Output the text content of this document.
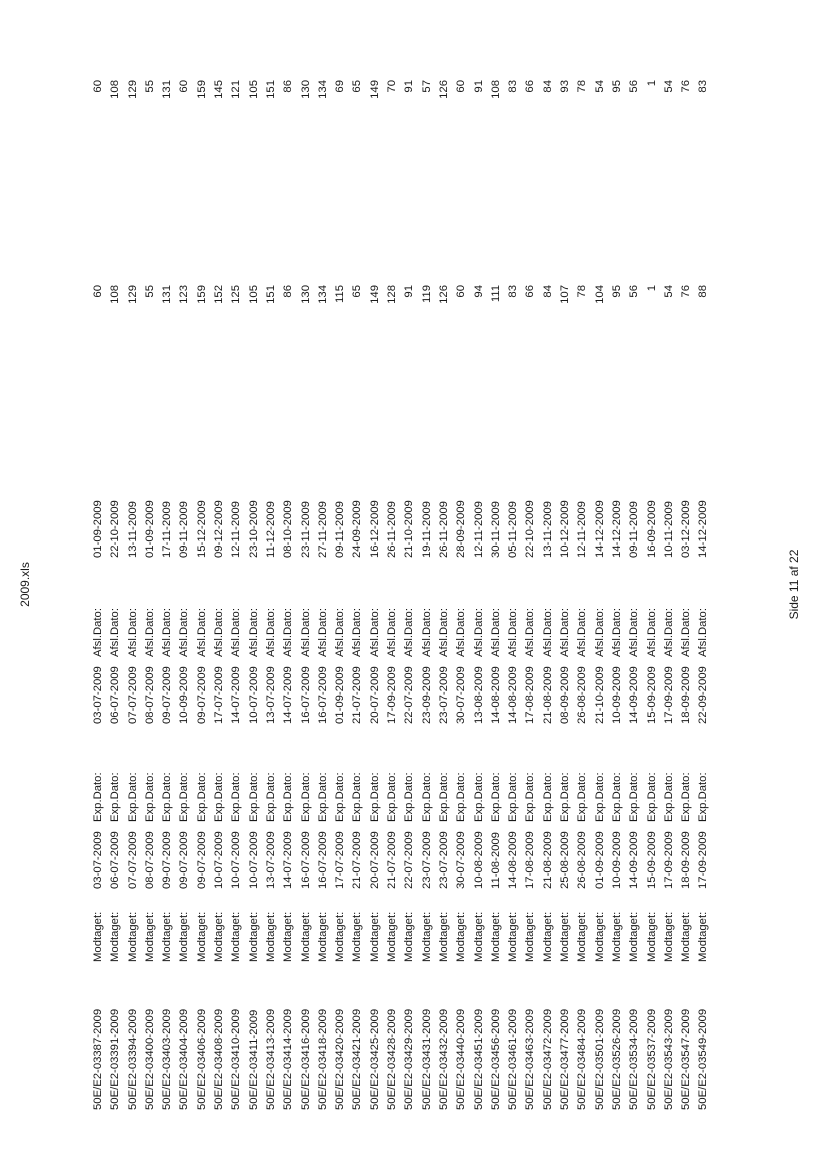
2009.xls
50E/E2-03387-2009
Modtaget:
03-07-2009
Exp.Dato:
03-07-2009
Afsl.Dato:
01-09-2009
60
60
50E/E2-03391-2009
Modtaget:
06-07-2009
Exp.Dato:
06-07-2009
Afsl.Dato:
22-10-2009
108
108
50E/E2-03394-2009
Modtaget:
07-07-2009
Exp.Dato:
07-07-2009
Afsl.Dato:
13-11-2009
129
129
50E/E2-03400-2009
Modtaget:
08-07-2009
Exp.Dato:
08-07-2009
Afsl.Dato:
01-09-2009
55
55
50E/E2-03403-2009
Modtaget:
09-07-2009
Exp.Dato:
09-07-2009
Afsl.Dato:
17-11-2009
131
131
50E/E2-03404-2009
Modtaget:
09-07-2009
Exp.Dato:
10-09-2009
Afsl.Dato:
09-11-2009
123
60
50E/E2-03406-2009
Modtaget:
09-07-2009
Exp.Dato:
09-07-2009
Afsl.Dato:
15-12-2009
159
159
50E/E2-03408-2009
Modtaget:
10-07-2009
Exp.Dato:
17-07-2009
Afsl.Dato:
09-12-2009
152
145
50E/E2-03410-2009
Modtaget:
10-07-2009
Exp.Dato:
14-07-2009
Afsl.Dato:
12-11-2009
125
121
50E/E2-03411-2009
Modtaget:
10-07-2009
Exp.Dato:
10-07-2009
Afsl.Dato:
23-10-2009
105
105
50E/E2-03413-2009
Modtaget:
13-07-2009
Exp.Dato:
13-07-2009
Afsl.Dato:
11-12-2009
151
151
50E/E2-03414-2009
Modtaget:
14-07-2009
Exp.Dato:
14-07-2009
Afsl.Dato:
08-10-2009
86
86
50E/E2-03416-2009
Modtaget:
16-07-2009
Exp.Dato:
16-07-2009
Afsl.Dato:
23-11-2009
130
130
50E/E2-03418-2009
Modtaget:
16-07-2009
Exp.Dato:
16-07-2009
Afsl.Dato:
27-11-2009
134
134
50E/E2-03420-2009
Modtaget:
17-07-2009
Exp.Dato:
01-09-2009
Afsl.Dato:
09-11-2009
115
69
50E/E2-03421-2009
Modtaget:
21-07-2009
Exp.Dato:
21-07-2009
Afsl.Dato:
24-09-2009
65
65
50E/E2-03425-2009
Modtaget:
20-07-2009
Exp.Dato:
20-07-2009
Afsl.Dato:
16-12-2009
149
149
50E/E2-03428-2009
Modtaget:
21-07-2009
Exp.Dato:
17-09-2009
Afsl.Dato:
26-11-2009
128
70
50E/E2-03429-2009
Modtaget:
22-07-2009
Exp.Dato:
22-07-2009
Afsl.Dato:
21-10-2009
91
91
50E/E2-03431-2009
Modtaget:
23-07-2009
Exp.Dato:
23-09-2009
Afsl.Dato:
19-11-2009
119
57
50E/E2-03432-2009
Modtaget:
23-07-2009
Exp.Dato:
23-07-2009
Afsl.Dato:
26-11-2009
126
126
50E/E2-03440-2009
Modtaget:
30-07-2009
Exp.Dato:
30-07-2009
Afsl.Dato:
28-09-2009
60
60
50E/E2-03451-2009
Modtaget:
10-08-2009
Exp.Dato:
13-08-2009
Afsl.Dato:
12-11-2009
94
91
50E/E2-03456-2009
Modtaget:
11-08-2009
Exp.Dato:
14-08-2009
Afsl.Dato:
30-11-2009
111
108
50E/E2-03461-2009
Modtaget:
14-08-2009
Exp.Dato:
14-08-2009
Afsl.Dato:
05-11-2009
83
83
50E/E2-03463-2009
Modtaget:
17-08-2009
Exp.Dato:
17-08-2009
Afsl.Dato:
22-10-2009
66
66
50E/E2-03472-2009
Modtaget:
21-08-2009
Exp.Dato:
21-08-2009
Afsl.Dato:
13-11-2009
84
84
50E/E2-03477-2009
Modtaget:
25-08-2009
Exp.Dato:
08-09-2009
Afsl.Dato:
10-12-2009
107
93
50E/E2-03484-2009
Modtaget:
26-08-2009
Exp.Dato:
26-08-2009
Afsl.Dato:
12-11-2009
78
78
50E/E2-03501-2009
Modtaget:
01-09-2009
Exp.Dato:
21-10-2009
Afsl.Dato:
14-12-2009
104
54
50E/E2-03526-2009
Modtaget:
10-09-2009
Exp.Dato:
10-09-2009
Afsl.Dato:
14-12-2009
95
95
50E/E2-03534-2009
Modtaget:
14-09-2009
Exp.Dato:
14-09-2009
Afsl.Dato:
09-11-2009
56
56
50E/E2-03537-2009
Modtaget:
15-09-2009
Exp.Dato:
15-09-2009
Afsl.Dato:
16-09-2009
1
1
50E/E2-03543-2009
Modtaget:
17-09-2009
Exp.Dato:
17-09-2009
Afsl.Dato:
10-11-2009
54
54
50E/E2-03547-2009
Modtaget:
18-09-2009
Exp.Dato:
18-09-2009
Afsl.Dato:
03-12-2009
76
76
50E/E2-03549-2009
Modtaget:
17-09-2009
Exp.Dato:
22-09-2009
Afsl.Dato:
14-12-2009
88
83
Side 11 af 22
